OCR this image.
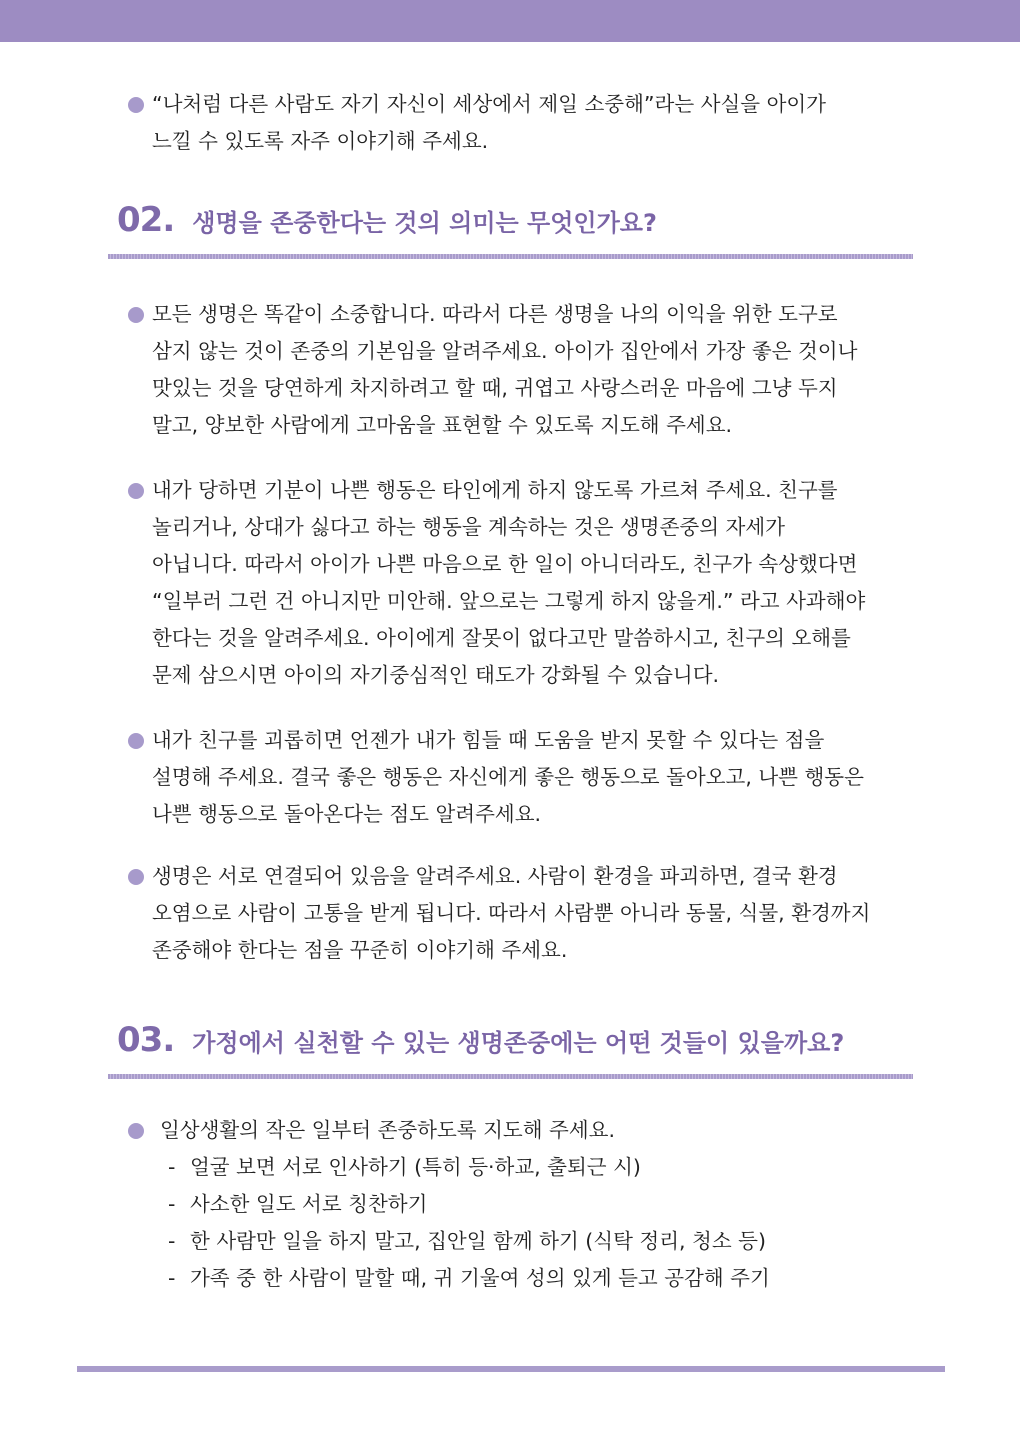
“나처럼 다른 사람도 자기 자신이 세상에서 제일 소중해”라는 사실을 아이가
느낄 수 있도록 자주 이야기해 주세요.
02. 생명을 존중한다는 것의 의미는 무엇인가요?
모든 생명은 똑같이 소중합니다. 따라서 다른 생명을 나의 이익을 위한 도구로
삼지 않는 것이 존중의 기본임을 알려주세요. 아이가 집안에서 가장 좋은 것이나
맛있는 것을 당연하게 차지하려고 할 때, 귀엽고 사랑스러운 마음에 그냥 두지
말고, 양보한 사람에게 고마움을 표현할 수 있도록 지도해 주세요.
내가 당하면 기분이 나쁜 행동은 타인에게 하지 않도록 가르쳐 주세요. 친구를
놀리거나, 상대가 싫다고 하는 행동을 계속하는 것은 생명존중의 자세가
아닙니다. 따라서 아이가 나쁜 마음으로 한 일이 아니더라도, 친구가 속상했다면
“일부러 그런 건 아니지만 미안해. 앞으로는 그렇게 하지 않을게.” 라고 사과해야
한다는 것을 알려주세요. 아이에게 잘못이 없다고만 말씀하시고, 친구의 오해를
문제 삼으시면 아이의 자기중심적인 태도가 강화될 수 있습니다.
내가 친구를 괴롭히면 언젠가 내가 힘들 때 도움을 받지 못할 수 있다는 점을
설명해 주세요. 결국 좋은 행동은 자신에게 좋은 행동으로 돌아오고, 나쁜 행동은
나쁜 행동으로 돌아온다는 점도 알려주세요.
생명은 서로 연결되어 있음을 알려주세요. 사람이 환경을 파괴하면, 결국 환경
오염으로 사람이 고통을 받게 됩니다. 따라서 사람뿐 아니라 동물, 식물, 환경까지
존중해야 한다는 점을 꾸준히 이야기해 주세요.
03. 가정에서 실천할 수 있는 생명존중에는 어떤 것들이 있을까요?
일상생활의 작은 일부터 존중하도록 지도해 주세요.
- 얼굴 보면 서로 인사하기 (특히 등·하교, 출퇴근 시)
- 사소한 일도 서로 칭찬하기
- 한 사람만 일을 하지 말고, 집안일 함께 하기 (식탁 정리, 청소 등)
- 가족 중 한 사람이 말할 때, 귀 기울여 성의 있게 듣고 공감해 주기
